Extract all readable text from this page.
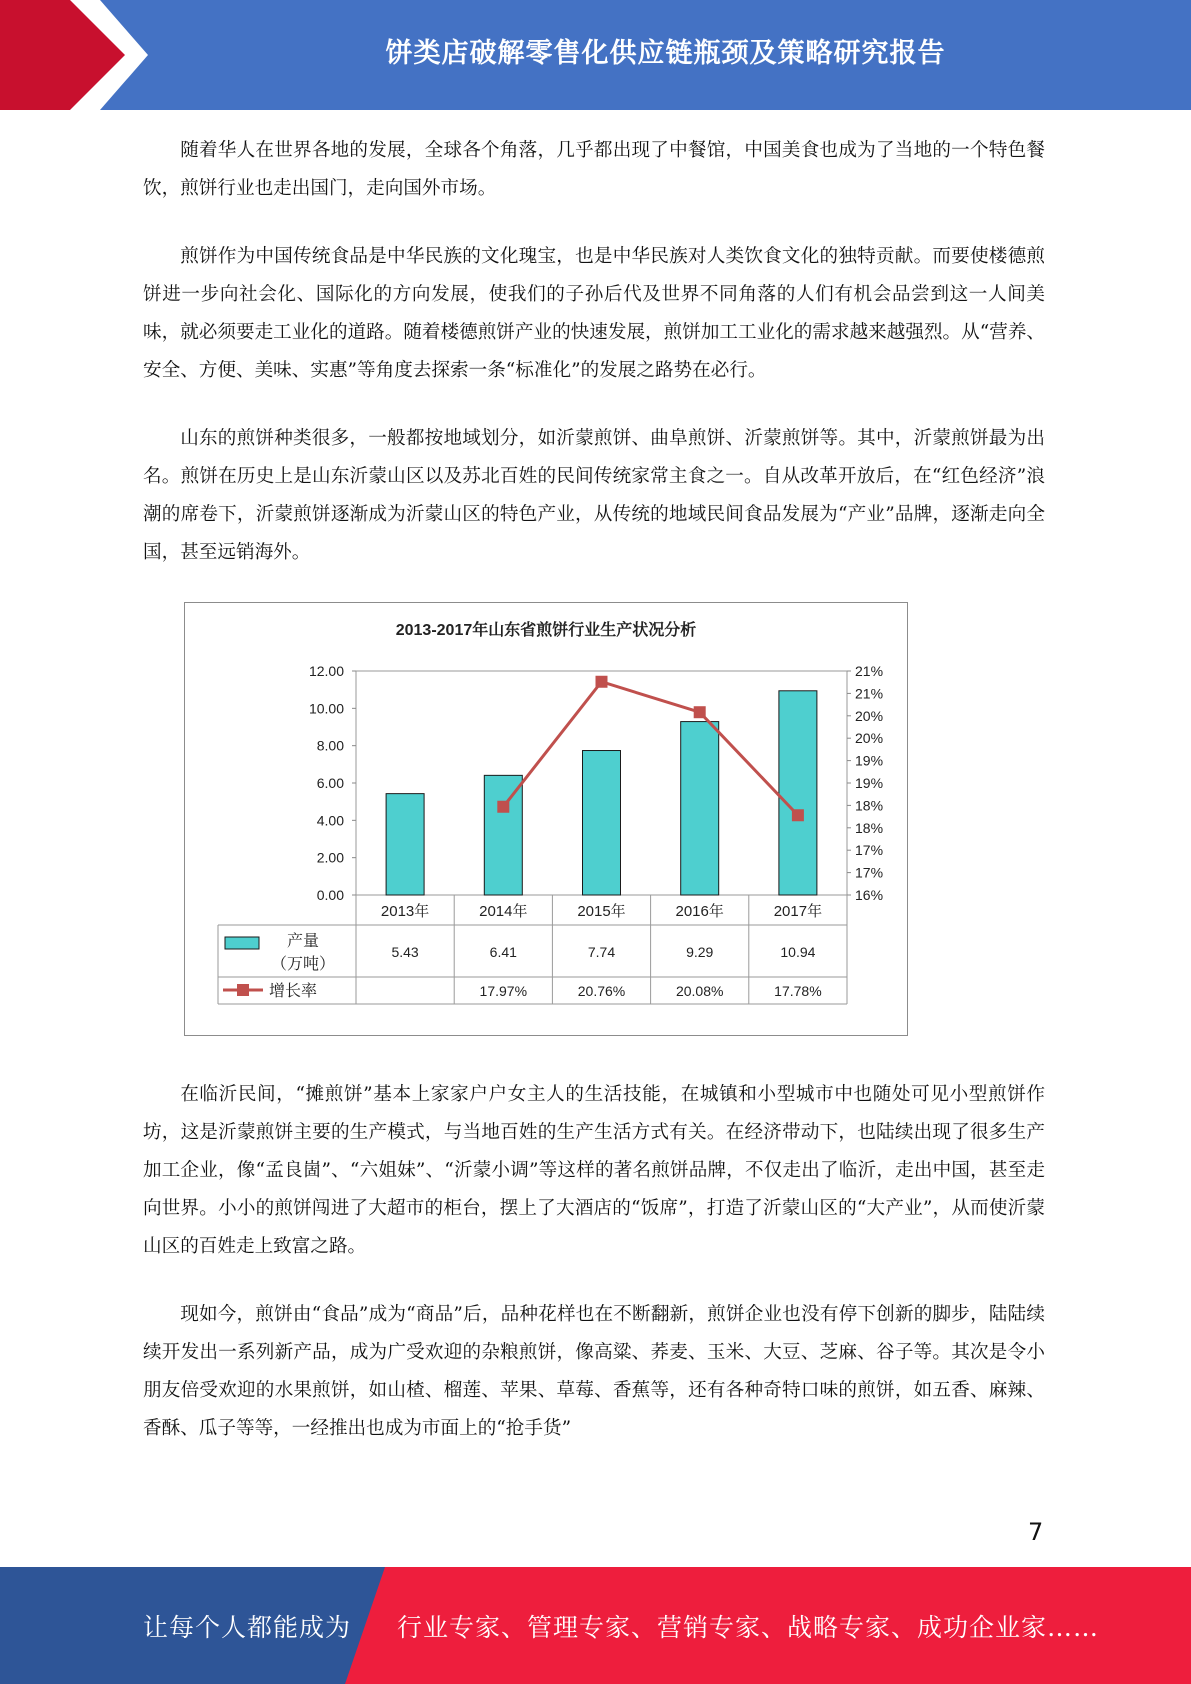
饼类店破解零售化供应链瓶颈及策略研究报告

随着华人在世界各地的发展，全球各个角落，几乎都出现了中餐馆，中国美食也成为了当地的一个特色餐饮，煎饼行业也走出国门，走向国外市场。

煎饼作为中国传统食品是中华民族的文化瑰宝，也是中华民族对人类饮食文化的独特贡献。而要使楼德煎饼进一步向社会化、国际化的方向发展，使我们的子孙后代及世界不同角落的人们有机会品尝到这一人间美味，就必须要走工业化的道路。随着楼德煎饼产业的快速发展，煎饼加工工业化的需求越来越强烈。从“营养、安全、方便、美味、实惠”等角度去探索一条“标准化”的发展之路势在必行。

山东的煎饼种类很多，一般都按地域划分，如沂蒙煎饼、曲阜煎饼、沂蒙煎饼等。其中，沂蒙煎饼最为出名。煎饼在历史上是山东沂蒙山区以及苏北百姓的民间传统家常主食之一。自从改革开放后，在“红色经济”浪潮的席卷下，沂蒙煎饼逐渐成为沂蒙山区的特色产业，从传统的地域民间食品发展为“产业”品牌，逐渐走向全国，甚至远销海外。

2013-2017年山东省煎饼行业生产状况分析
0.00
2.00
4.00
6.00
8.00
10.00
12.00
16%
17%
17%
18%
18%
19%
19%
20%
20%
21%
21%
2013年
5.43
2014年
6.41
17.97%
2015年
7.74
20.76%
2016年
9.29
20.08%
2017年
10.94
17.78%
产量
（万吨）
增长率

在临沂民间，“摊煎饼”基本上家家户户女主人的生活技能，在城镇和小型城市中也随处可见小型煎饼作坊，这是沂蒙煎饼主要的生产模式，与当地百姓的生产生活方式有关。在经济带动下，也陆续出现了很多生产加工企业，像“孟良崮”、“六姐妹”、“沂蒙小调”等这样的著名煎饼品牌，不仅走出了临沂，走出中国，甚至走向世界。小小的煎饼闯进了大超市的柜台，摆上了大酒店的“饭席”，打造了沂蒙山区的“大产业”，从而使沂蒙山区的百姓走上致富之路。

现如今，煎饼由“食品”成为“商品”后，品种花样也在不断翻新，煎饼企业也没有停下创新的脚步，陆陆续续开发出一系列新产品，成为广受欢迎的杂粮煎饼，像高粱、荞麦、玉米、大豆、芝麻、谷子等。其次是令小朋友倍受欢迎的水果煎饼，如山楂、榴莲、苹果、草莓、香蕉等，还有各种奇特口味的煎饼，如五香、麻辣、香酥、瓜子等等，一经推出也成为市面上的“抢手货”

7
让每个人都能成为 行业专家、管理专家、营销专家、战略专家、成功企业家……
